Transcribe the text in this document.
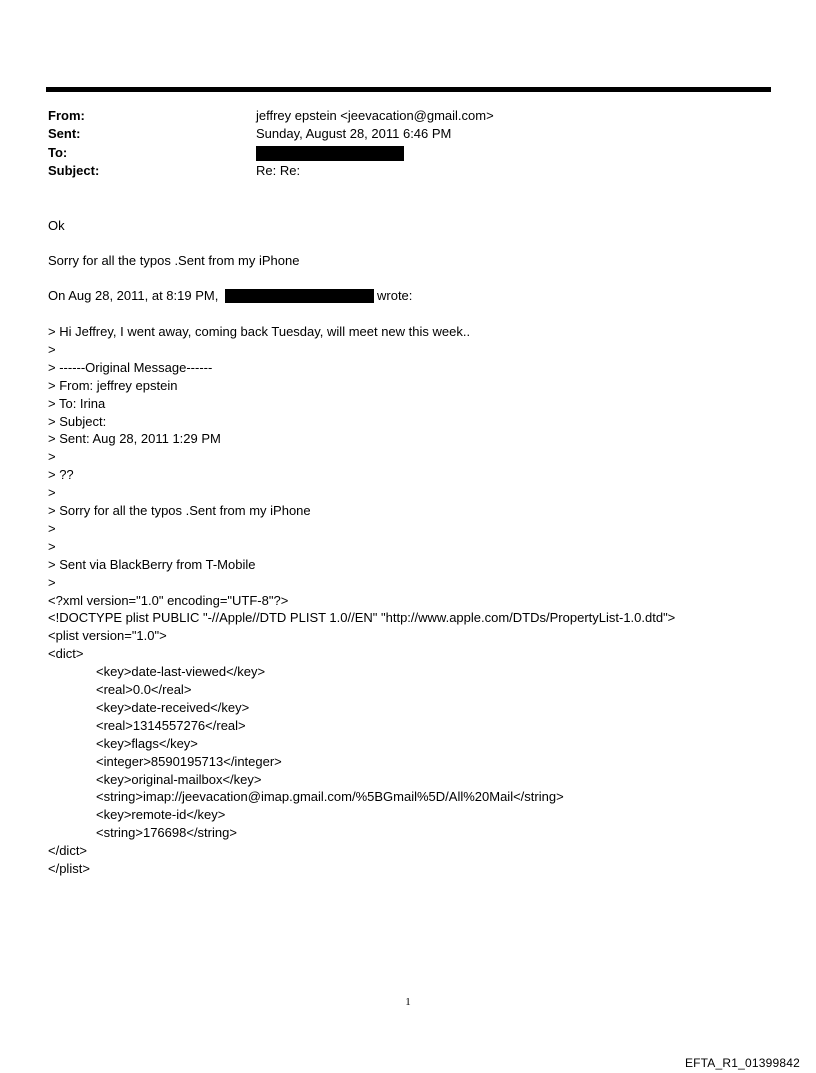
From:	jeffrey epstein <jeevacation@gmail.com>
Sent:	Sunday, August 28, 2011 6:46 PM
To:
Subject:	Re: Re:
Ok
Sorry for all the typos .Sent from my iPhone
On Aug 28, 2011, at 8:19 PM,	wrote:
> Hi Jeffrey, I went away, coming back Tuesday, will meet new this week..
>
> ------Original Message------
> From: jeffrey epstein
> To: Irina
> Subject:
> Sent: Aug 28, 2011 1:29 PM
>
> ??
>
> Sorry for all the typos .Sent from my iPhone
>
>
> Sent via BlackBerry from T-Mobile
>
<?xml version="1.0" encoding="UTF-8"?>
<!DOCTYPE plist PUBLIC "-//Apple//DTD PLIST 1.0//EN" "http://www.apple.com/DTDs/PropertyList-1.0.dtd">
<plist version="1.0">
<dict>
<key>date-last-viewed</key>
<real>0.0</real>
<key>date-received</key>
<real>1314557276</real>
<key>flags</key>
<integer>8590195713</integer>
<key>original-mailbox</key>
<string>imap://jeevacation@imap.gmail.com/%5BGmail%5D/All%20Mail</string>
<key>remote-id</key>
<string>176698</string>
</dict>
</plist>
1
EFTA_R1_01399842
